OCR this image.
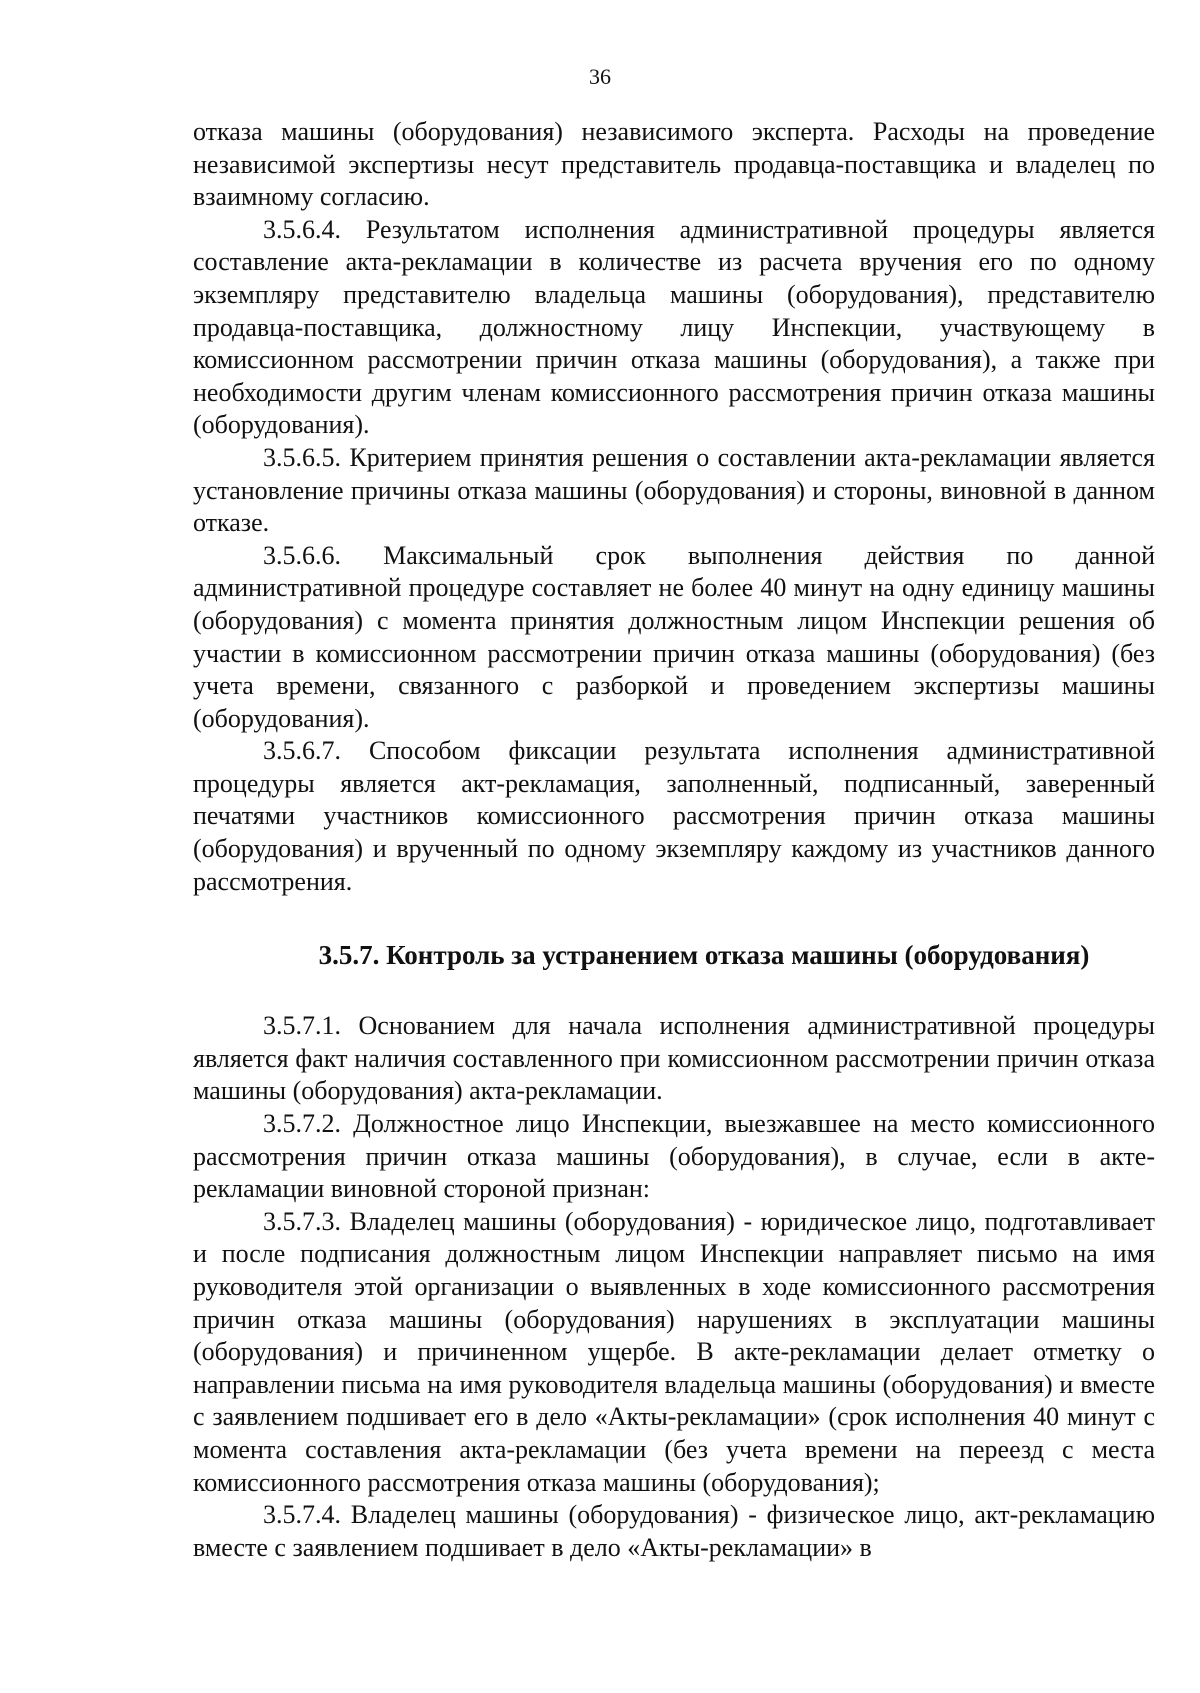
36

отказа машины (оборудования) независимого эксперта. Расходы на проведение независимой экспертизы несут представитель продавца-поставщика и владелец по взаимному согласию.

3.5.6.4. Результатом исполнения административной процедуры является составление акта-рекламации в количестве из расчета вручения его по одному экземпляру представителю владельца машины (оборудования), представителю продавца-поставщика, должностному лицу Инспекции, участвующему в комиссионном рассмотрении причин отказа машины (оборудования), а также при необходимости другим членам комиссионного рассмотрения причин отказа машины (оборудования).

3.5.6.5. Критерием принятия решения о составлении акта-рекламации является установление причины отказа машины (оборудования) и стороны, виновной в данном отказе.

3.5.6.6. Максимальный срок выполнения действия по данной административной процедуре составляет не более 40 минут на одну единицу машины (оборудования) с момента принятия должностным лицом Инспекции решения об участии в комиссионном рассмотрении причин отказа машины (оборудования) (без учета времени, связанного с разборкой и проведением экспертизы машины (оборудования).

3.5.6.7. Способом фиксации результата исполнения административной процедуры является акт-рекламация, заполненный, подписанный, заверенный печатями участников комиссионного рассмотрения причин отказа машины (оборудования) и врученный по одному экземпляру каждому из участников данного рассмотрения.

3.5.7. Контроль за устранением отказа машины (оборудования)

3.5.7.1. Основанием для начала исполнения административной процедуры является факт наличия составленного при комиссионном рассмотрении причин отказа машины (оборудования) акта-рекламации.

3.5.7.2. Должностное лицо Инспекции, выезжавшее на место комиссионного рассмотрения причин отказа машины (оборудования), в случае, если в акте-рекламации виновной стороной признан:

3.5.7.3. Владелец машины (оборудования) - юридическое лицо, подготавливает и после подписания должностным лицом Инспекции направляет письмо на имя руководителя этой организации о выявленных в ходе комиссионного рассмотрения причин отказа машины (оборудования) нарушениях в эксплуатации машины (оборудования) и причиненном ущербе. В акте-рекламации делает отметку о направлении письма на имя руководителя владельца машины (оборудования) и вместе с заявлением подшивает его в дело «Акты-рекламации» (срок исполнения 40 минут с момента составления акта-рекламации (без учета времени на переезд с места комиссионного рассмотрения отказа машины (оборудования);

3.5.7.4. Владелец машины (оборудования) - физическое лицо, акт-рекламацию вместе с заявлением подшивает в дело «Акты-рекламации» в
